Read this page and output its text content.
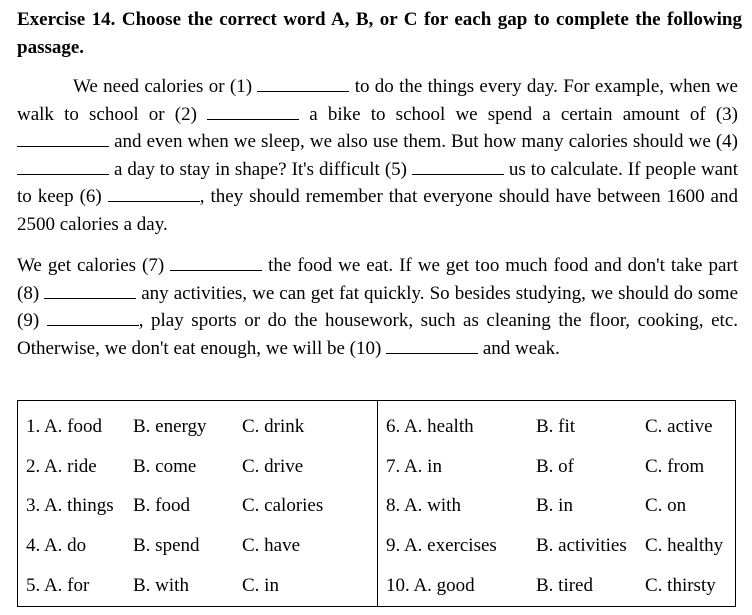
Exercise 14. Choose the correct word A, B, or C for each gap to complete the following passage.

We need calories or (1)	to do the things every day. For example, when we walk to school or (2)	a bike to school we spend a certain amount of (3)  and even when we sleep, we also use them. But how many calories should we (4)  a day to stay in shape? It's difficult (5)	us to calculate. If people want to keep (6)	, they should remember that everyone should have between 1600 and 2500 calories a day.

We get calories (7)	the food we eat. If we get too much food and don't take part (8)	any activities, we can get fat quickly. So besides studying, we should do some (9)	, play sports or do the housework, such as cleaning the floor, cooking, etc. Otherwise, we don't eat enough, we will be (10)	and weak.

1. A. food B. energy C. drink
2. A. ride B. come C. drive
3. A. things B. food	C. calories
4. A. do B. spend C. have
5. A. for B. with	C. in
6. A. health	B. fit	C. active
7. A. in	B. of	C. from
8. A. with	B. in	C. on
9. A. exercises B. activities C. healthy
10. A. good	B. tired	C. thirsty
